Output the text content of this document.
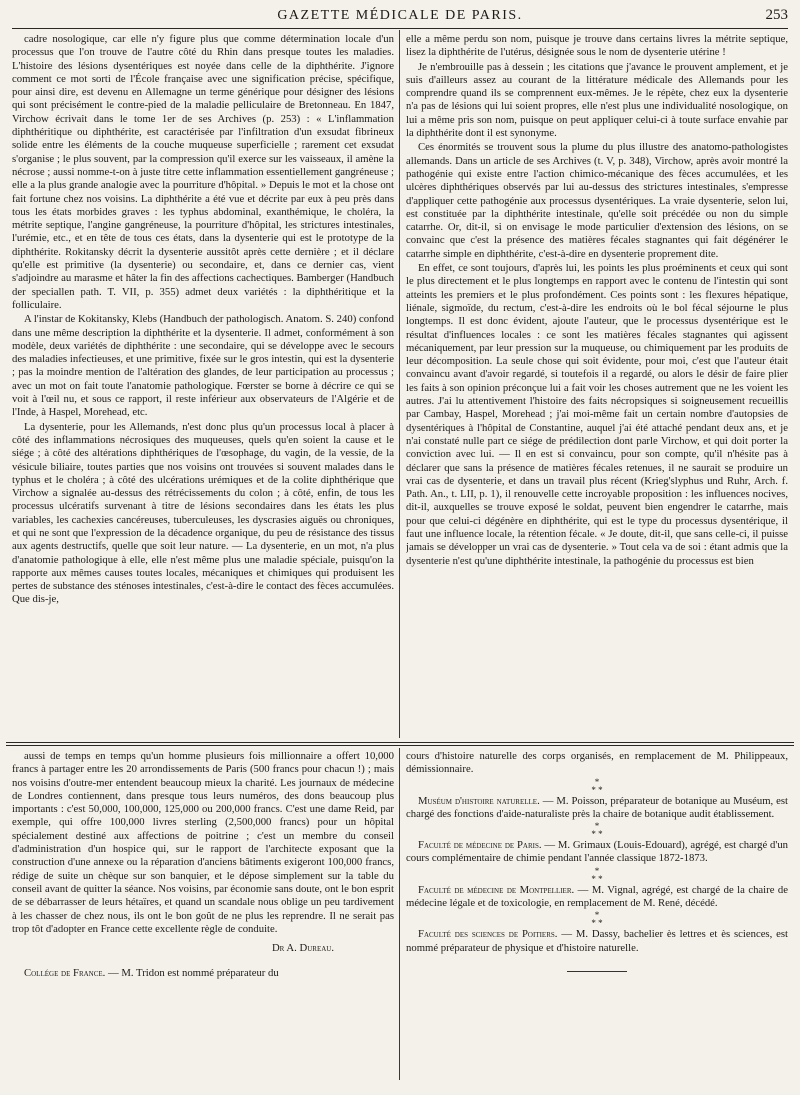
GAZETTE MÉDICALE DE PARIS.	253

cadre nosologique, car elle n'y figure plus que comme détermination locale d'un processus que l'on trouve de l'autre côté du Rhin dans presque toutes les maladies. L'histoire des lésions dysentériques est noyée dans celle de la diphthérite. J'ignore comment ce mot sorti de l'École française avec une signification précise, spécifique, pour ainsi dire, est devenu en Allemagne un terme générique pour désigner des lésions qui sont précisément le contre-pied de la maladie pelliculaire de Bretonneau. En 1847, Virchow écrivait dans le tome 1er de ses Archives (p. 253) : « L'inflammation diphthéritique ou diphthérite, est caractérisée par l'infiltration d'un exsudat fibrineux solide entre les éléments de la couche muqueuse superficielle ; rarement cet exsudat s'organise ; le plus souvent, par la compression qu'il exerce sur les vaisseaux, il amène la nécrose ; aussi nomme-t-on à juste titre cette inflammation essentiellement gangréneuse ; elle a la plus grande analogie avec la pourriture d'hôpital. » Depuis le mot et la chose ont fait fortune chez nos voisins. La diphthérite a été vue et décrite par eux à peu près dans tous les états morbides graves : les typhus abdominal, exanthémique, le choléra, la métrite septique, l'angine gangréneuse, la pourriture d'hôpital, les strictures intestinales, l'urémie, etc., et en tête de tous ces états, dans la dysenterie qui est le prototype de la diphthérite. Rokitansky décrit la dysenterie aussitôt après cette dernière ; et il déclare qu'elle est primitive (la dysenterie) ou secondaire, et, dans ce dernier cas, vient s'adjoindre au marasme et hâter la fin des affections cachectiques. Bamberger (Handbuch der speciallen path. T. VII, p. 355) admet deux variétés : la diphthéritique et la folliculaire.

A l'instar de Kokitansky, Klebs (Handbuch der pathologisch. Anatom. S. 240) confond dans une même description la diphthérite et la dysenterie. Il admet, conformément à son modèle, deux variétés de diphthérite : une secondaire, qui se développe avec le secours des maladies infectieuses, et une primitive, fixée sur le gros intestin, qui est la dysenterie ; pas la moindre mention de l'altération des glandes, de leur participation au processus ; avec un mot on fait toute l'anatomie pathologique. Fœrster se borne à décrire ce qui se voit à l'œil nu, et sous ce rapport, il reste inférieur aux observateurs de l'Algérie et de l'Inde, à Haspel, Morehead, etc.

La dysenterie, pour les Allemands, n'est donc plus qu'un processus local à placer à côté des inflammations nécrosiques des muqueuses, quels qu'en soient la cause et le siége ; à côté des altérations diphthériques de l'œsophage, du vagin, de la vessie, de la vésicule biliaire, toutes parties que nos voisins ont trouvées si souvent malades dans le typhus et le choléra ; à côté des ulcérations urémiques et de la colite diphthérique que Virchow a signalée au-dessus des rétrécissements du colon ; à côté, enfin, de tous les processus ulcératifs survenant à titre de lésions secondaires dans les états les plus variables, les cachexies cancéreuses, tuberculeuses, les dyscrasies aiguës ou chroniques, et qui ne sont que l'expression de la décadence organique, du peu de résistance des tissus aux agents destructifs, quelle que soit leur nature. — La dysenterie, en un mot, n'a plus d'anatomie pathologique à elle, elle n'est même plus une maladie spéciale, puisqu'on la rapporte aux mêmes causes toutes locales, mécaniques et chimiques qui produisent les pertes de substance des sténoses intestinales, c'est-à-dire le contact des fèces accumulées. Que dis-je,

elle a même perdu son nom, puisque je trouve dans certains livres la métrite septique, lisez la diphthérite de l'utérus, désignée sous le nom de dysenterie utérine !

Je n'embrouille pas à dessein ; les citations que j'avance le prouvent amplement, et je suis d'ailleurs assez au courant de la littérature médicale des Allemands pour les comprendre quand ils se comprennent eux-mêmes. Je le répète, chez eux la dysenterie n'a pas de lésions qui lui soient propres, elle n'est plus une individualité nosologique, on lui a même pris son nom, puisque on peut appliquer celui-ci à toute surface envahie par la diphthérite dont il est synonyme.

Ces énormités se trouvent sous la plume du plus illustre des anatomo-pathologistes allemands. Dans un article de ses Archives (t. V, p. 348), Virchow, après avoir montré la pathogénie qui existe entre l'action chimico-mécanique des fèces accumulées, et les ulcères diphthériques observés par lui au-dessus des strictures intestinales, s'empresse d'appliquer cette pathogénie aux processus dysentériques. La vraie dysenterie, selon lui, est constituée par la diphthérite intestinale, qu'elle soit précédée ou non du simple catarrhe. Or, dit-il, si on envisage le mode particulier d'extension des lésions, on se convainc que c'est la présence des matières fécales stagnantes qui fait dégénérer le catarrhe simple en diphthérite, c'est-à-dire en dysenterie proprement dite.

En effet, ce sont toujours, d'après lui, les points les plus proéminents et ceux qui sont le plus directement et le plus longtemps en rapport avec le contenu de l'intestin qui sont atteints les premiers et le plus profondément. Ces points sont : les flexures hépatique, liénale, sigmoïde, du rectum, c'est-à-dire les endroits où le bol fécal séjourne le plus longtemps. Il est donc évident, ajoute l'auteur, que le processus dysentérique est le résultat d'influences locales : ce sont les matières fécales stagnantes qui agissent mécaniquement, par leur pression sur la muqueuse, ou chimiquement par les produits de leur décomposition. La seule chose qui soit évidente, pour moi, c'est que l'auteur était convaincu avant d'avoir regardé, si toutefois il a regardé, ou alors le désir de faire plier les faits à son opinion préconçue lui a fait voir les choses autrement que ne les voient les autres. J'ai lu attentivement l'histoire des faits nécropsiques si soigneusement recueillis par Cambay, Haspel, Morehead ; j'ai moi-même fait un certain nombre d'autopsies de dysentériques à l'hôpital de Constantine, auquel j'ai été attaché pendant deux ans, et je n'ai constaté nulle part ce siége de prédilection dont parle Virchow, et qui doit porter la conviction avec lui. — Il en est si convaincu, pour son compte, qu'il n'hésite pas à déclarer que sans la présence de matières fécales retenues, il ne saurait se produire un vrai cas de dysenterie, et dans un travail plus récent (Krieg'slyphus und Ruhr, Arch. f. Path. An., t. LII, p. 1), il renouvelle cette incroyable proposition : les influences nocives, dit-il, auxquelles se trouve exposé le soldat, peuvent bien engendrer le catarrhe, mais pour que celui-ci dégénère en diphthérite, qui est le type du processus dysentérique, il faut une influence locale, la rétention fécale. « Je doute, dit-il, que sans celle-ci, il puisse jamais se développer un vrai cas de dysenterie. » Tout cela va de soi : étant admis que la dysenterie n'est qu'une diphthérite intestinale, la pathogénie du processus est bien

aussi de temps en temps qu'un homme plusieurs fois millionnaire a offert 10,000 francs à partager entre les 20 arrondissements de Paris (500 francs pour chacun !) ; mais nos voisins d'outre-mer entendent beaucoup mieux la charité. Les journaux de médecine de Londres contiennent, dans presque tous leurs numéros, des dons beaucoup plus importants : c'est 50,000, 100,000, 125,000 ou 200,000 francs. C'est une dame Reid, par exemple, qui offre 100,000 livres sterling (2,500,000 francs) pour un hôpital spécialement destiné aux affections de poitrine ; c'est un membre du conseil d'administration d'un hospice qui, sur le rapport de l'architecte exposant que la construction d'une annexe ou la réparation d'anciens bâtiments exigeront 100,000 francs, rédige de suite un chèque sur son banquier, et le dépose simplement sur la table du conseil avant de quitter la séance. Nos voisins, par économie sans doute, ont le bon esprit de se débarrasser de leurs hétaïres, et quand un scandale nous oblige un peu tardivement à les chasser de chez nous, ils ont le bon goût de ne plus les reprendre. Il ne serait pas trop tôt d'adopter en France cette excellente règle de conduite.

Dr A. Dureau.

Collége de France. — M. Tridon est nommé préparateur du

cours d'histoire naturelle des corps organisés, en remplacement de M. Philippeaux, démissionnaire.

*
* *

Muséum d'histoire naturelle. — M. Poisson, préparateur de botanique au Muséum, est chargé des fonctions d'aide-naturaliste près la chaire de botanique audit établissement.

*
* *

Faculté de médecine de Paris. — M. Grimaux (Louis-Edouard), agrégé, est chargé d'un cours complémentaire de chimie pendant l'année classique 1872-1873.

*
* *

Faculté de médecine de Montpellier. — M. Vignal, agrégé, est chargé de la chaire de médecine légale et de toxicologie, en remplacement de M. René, décédé.

*
* *

Faculté des sciences de Poitiers. — M. Dassy, bachelier ès lettres et ès sciences, est nommé préparateur de physique et d'histoire naturelle.
